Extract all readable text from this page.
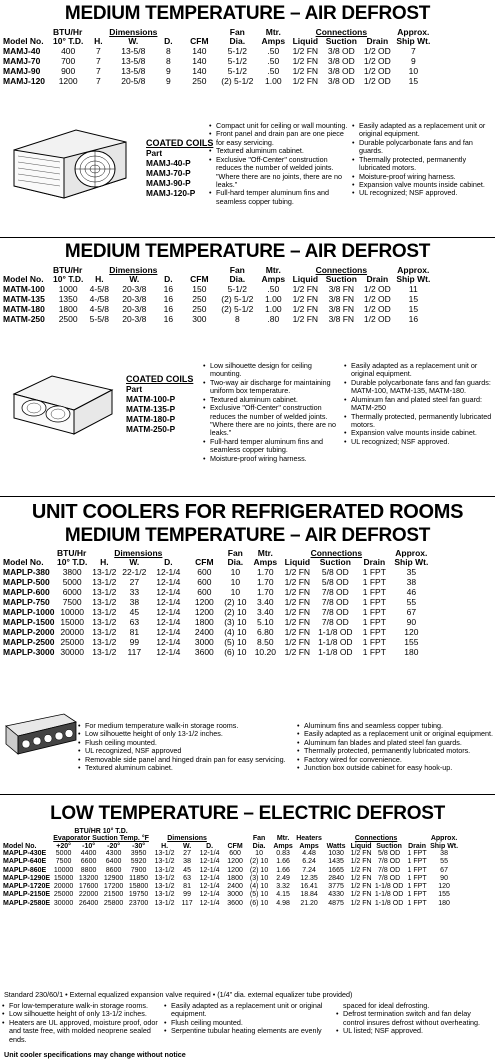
MEDIUM TEMPERATURE – AIR DEFROST
	BTU/Hr	Dimensions				Fan	Mtr.	Connections			Approx.
Model No.	10° T.D.	H.	W.	D.	CFM	Dia.	Amps	Liquid	Suction	Drain	Ship Wt.
MAMJ-40	400	7	13-5/8	8	140	5-1/2	.50	1/2 FN	3/8 OD	1/2 OD	7
MAMJ-70	700	7	13-5/8	8	140	5-1/2	.50	1/2 FN	3/8 OD	1/2 OD	9
MAMJ-90	900	7	13-5/8	9	140	5-1/2	.50	1/2 FN	3/8 OD	1/2 OD	10
MAMJ-120	1200	7	20-5/8	9	250	(2) 5-1/2	1.00	1/2 FN	3/8 OD	1/2 OD	15
COATED COILS
Part
MAMJ-40-P
MAMJ-70-P
MAMJ-90-P
MAMJ-120-P
• Compact unit for ceiling or wall mounting.
• Front panel and drain pan are one piece for easy servicing.
• Textured aluminum cabinet.
• Exclusive "Off-Center" construction reduces the number of welded joints. "Where there are no joints, there are no leaks."
• Full-hard temper aluminum fins and seamless copper tubing.
• Easily adapted as a replacement unit or original equipment.
• Durable polycarbonate fans and fan guards.
• Thermally protected, permanently lubricated motors.
• Moisture-proof wiring harness.
• Expansion valve mounts inside cabinet.
• UL recognized; NSF approved.
MEDIUM TEMPERATURE – AIR DEFROST
	BTU/Hr	Dimensions				Fan	Mtr.	Connections			Approx.
Model No.	10° T.D.	H.	W.	D.	CFM	Dia.	Amps	Liquid	Suction	Drain	Ship Wt.
MATM-100	1000	4-5/8	20-3/8	16	150	5-1/2	.50	1/2 FN	3/8 FN	1/2 OD	11
MATM-135	1350	4-/58	20-3/8	16	250	(2) 5-1/2	1.00	1/2 FN	3/8 FN	1/2 OD	15
MATM-180	1800	4-5/8	20-3/8	16	250	(2) 5-1/2	1.00	1/2 FN	3/8 FN	1/2 OD	15
MATM-250	2500	5-5/8	20-3/8	16	300	8	.80	1/2 FN	3/8 FN	1/2 OD	16
COATED COILS
Part
MATM-100-P
MATM-135-P
MATM-180-P
MATM-250-P
• Low silhouette design for ceiling mounting.
• Two-way air discharge for maintaining uniform box temperature.
• Textured aluminum cabinet.
• Exclusive "Off-Center" construction reduces the number of welded joints. "Where there are no joints, there are no leaks."
• Full-hard temper aluminum fins and seamless copper tubing.
• Moisture-proof wiring harness.
• Easily adapted as a replacement unit or original equipment.
• Durable polycarbonate fans and fan guards: MATM-100, MATM-135, MATM-180.
• Aluminum fan and plated steel fan guard: MATM-250
• Thermally protected, permanently lubricated motors.
• Expansion valve mounts inside cabinet.
• UL recognized; NSF approved.
UNIT COOLERS FOR REFRIGERATED ROOMS
MEDIUM TEMPERATURE – AIR DEFROST
	BTU/Hr	Dimensions				Fan	Mtr.	Connections			Approx.
Model No.	10° T.D.	H.	W.	D.	CFM	Dia.	Amps	Liquid	Suction	Drain	Ship Wt.
MAPLP-380	3800	13-1/2	22-1/2	12-1/4	600	10	1.70	1/2 FN	5/8 OD	1 FPT	35
MAPLP-500	5000	13-1/2	27	12-1/4	600	10	1.70	1/2 FN	5/8 OD	1 FPT	38
MAPLP-600	6000	13-1/2	33	12-1/4	600	10	1.70	1/2 FN	7/8 OD	1 FPT	46
MAPLP-750	7500	13-1/2	38	12-1/4	1200	(2) 10	3.40	1/2 FN	7/8 OD	1 FPT	55
MAPLP-1000	10000	13-1/2	45	12-1/4	1200	(2) 10	3.40	1/2 FN	7/8 OD	1 FPT	67
MAPLP-1500	15000	13-1/2	63	12-1/4	1800	(3) 10	5.10	1/2 FN	7/8 OD	1 FPT	90
MAPLP-2000	20000	13-1/2	81	12-1/4	2400	(4) 10	6.80	1/2 FN	1-1/8 OD	1 FPT	120
MAPLP-2500	25000	13-1/2	99	12-1/4	3000	(5) 10	8.50	1/2 FN	1-1/8 OD	1 FPT	155
MAPLP-3000	30000	13-1/2	117	12-1/4	3600	(6) 10	10.20	1/2 FN	1-1/8 OD	1 FPT	180
• For medium temperature walk-in storage rooms.
• Low silhouette height of only 13-1/2 inches.
• Flush ceiling mounted.
• UL recognized, NSF approved
• Removable side panel and hinged drain pan for easy servicing.
• Textured aluminum cabinet.
• Aluminum fins and seamless copper tubing.
• Easily adapted as a replacement unit or original equipment.
• Aluminum fan blades and plated steel fan guards.
• Thermally protected, permanently lubricated motors.
• Factory wired for convenience.
• Junction box outside cabinet for easy hook-up.
LOW TEMPERATURE – ELECTRIC DEFROST
	BTU/HR 10° T.D.															
	Evaporator Suction Temp. °F				Dimensions				Fan	Mtr.	Heaters	Connections				Approx.
Model No.	+20°	-10°	-20°	-30°	H.	W.	D.	CFM	Dia.	Amps	Amps	Watts	Liquid	Suction	Drain	Ship Wt.
MAPLP-430E	5000	4400	4300	3950	13-1/2	27	12-1/4	600	10	0.83	4.48	1030	1/2 FN	5/8 OD	1 FPT	38
MAPLP-640E	7500	6600	6400	5920	13-1/2	38	12-1/4	1200	(2) 10	1.66	6.24	1435	1/2 FN	7/8 OD	1 FPT	55
MAPLP-860E	10000	8800	8600	7900	13-1/2	45	12-1/4	1200	(2) 10	1.66	7.24	1665	1/2 FN	7/8 OD	1 FPT	67
MAPLP-1290E	15000	13200	12900	11850	13-1/2	63	12-1/4	1800	(3) 10	2.49	12.35	2840	1/2 FN	7/8 OD	1 FPT	90
MAPLP-1720E	20000	17600	17200	15800	13-1/2	81	12-1/4	2400	(4) 10	3.32	16.41	3775	1/2 FN	1-1/8 OD	1 FPT	120
MAPLP-2150E	25000	22000	21500	19750	13-1/2	99	12-1/4	3000	(5) 10	4.15	18.84	4330	1/2 FN	1-1/8 OD	1 FPT	155
MAPLP-2580E	30000	26400	25800	23700	13-1/2	117	12-1/4	3600	(6) 10	4.98	21.20	4875	1/2 FN	1-1/8 OD	1 FPT	180
Standard 230/60/1 • External equalized expansion valve required • (1/4" dia. external equalizer tube provided)
• For low-temperature walk-in storage rooms.
• Low silhouette height of only 13-1/2 inches.
• Heaters are UL approved, moisture proof, odor and taste free, with molded neoprene sealed ends.
• Easily adapted as a replacement unit or original equipment.
• Flush ceiling mounted.
• Serpentine tubular heating elements are evenly
spaced for ideal defrosting.
• Defrost termination switch and fan delay control insures defrost without overheating.
• UL listed; NSF approved.
Unit cooler specifications may change without notice
